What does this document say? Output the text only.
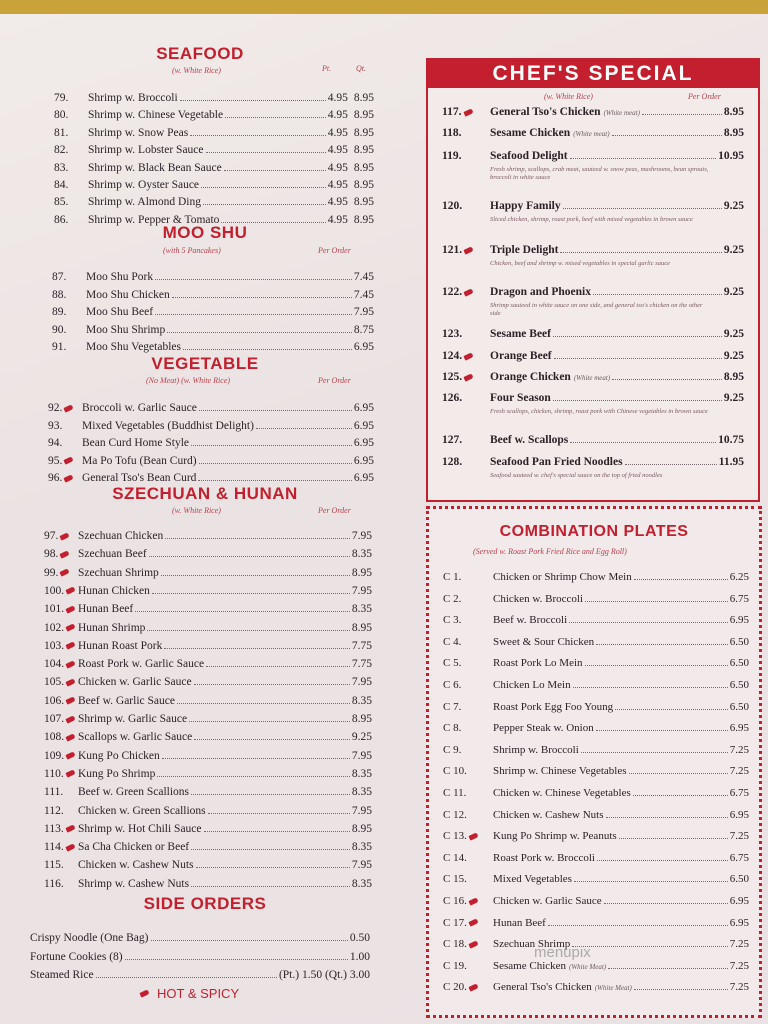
SEAFOOD
(w. White Rice)	Pt.	Qt.
79.	Shrimp w. Broccoli	4.95 8.95
80.	Shrimp w. Chinese Vegetable	4.95 8.95
81.	Shrimp w. Snow Peas	4.95 8.95
82.	Shrimp w. Lobster Sauce	4.95 8.95
83.	Shrimp w. Black Bean Sauce	4.95 8.95
84.	Shrimp w. Oyster Sauce	4.95 8.95
85.	Shrimp w. Almond Ding	4.95 8.95
86.	Shrimp w. Pepper & Tomato	4.95 8.95
MOO SHU
(with 5 Pancakes)	Per Order
87.	Moo Shu Pork	7.45
88.	Moo Shu Chicken	7.45
89.	Moo Shu Beef	7.95
90.	Moo Shu Shrimp	8.75
91.	Moo Shu Vegetables	6.95
VEGETABLE
(No Meat) (w. White Rice)	Per Order
92.	Broccoli w. Garlic Sauce	6.95
93.	Mixed Vegetables (Buddhist Delight)	6.95
94.	Bean Curd Home Style	6.95
95.	Ma Po Tofu (Bean Curd)	6.95
96.	General Tso's Bean Curd	6.95
SZECHUAN & HUNAN
(w. White Rice)	Per Order
97.	Szechuan Chicken	7.95
98.	Szechuan Beef	8.35
99.	Szechuan Shrimp	8.95
100.	Hunan Chicken	7.95
101.	Hunan Beef	8.35
102.	Hunan Shrimp	8.95
103.	Hunan Roast Pork	7.75
104.	Roast Pork w. Garlic Sauce	7.75
105.	Chicken w. Garlic Sauce	7.95
106.	Beef w. Garlic Sauce	8.35
107.	Shrimp w. Garlic Sauce	8.95
108.	Scallops w. Garlic Sauce	9.25
109.	Kung Po Chicken	7.95
110.	Kung Po Shrimp	8.35
111.	Beef w. Green Scallions	8.35
112.	Chicken w. Green Scallions	7.95
113.	Shrimp w. Hot Chili Sauce	8.95
114.	Sa Cha Chicken or Beef	8.35
115.	Chicken w. Cashew Nuts	7.95
116.	Shrimp w. Cashew Nuts	8.35
SIDE ORDERS
Crispy Noodle (One Bag)	0.50
Fortune Cookies (8)	1.00
Steamed Rice	(Pt.) 1.50 (Qt.) 3.00
HOT & SPICY
CHEF'S SPECIAL
(w. White Rice)	Per Order
117.	General Tso's Chicken (White meat)	8.95
118.	Sesame Chicken (White meat)	8.95
119.	Seafood Delight	10.95
Fresh shrimp, scallops, crab meat, sauteed w. snow peas, mushrooms, bean sprouts, broccoli in white sauce
120.	Happy Family	9.25
Sliced chicken, shrimp, roast pork, beef with mixed vegetables in brown sauce
121.	Triple Delight	9.25
Chicken, beef and shrimp w. mixed vegetables in special garlic sauce
122.	Dragon and Phoenix	9.25
Shrimp sauteed in white sauce on one side, and general tso's chicken on the other side
123.	Sesame Beef	9.25
124.	Orange Beef	9.25
125.	Orange Chicken (White meat)	8.95
126.	Four Season	9.25
Fresh scallops, chicken, shrimp, roast pork with Chinese vegetables in brown sauce
127.	Beef w. Scallops	10.75
128.	Seafood Pan Fried Noodles	11.95
Seafood sauteed w. chef's special sauce on the top of fried noodles
COMBINATION PLATES
(Served w. Roast Pork Fried Rice and Egg Roll)
C 1.	Chicken or Shrimp Chow Mein	6.25
C 2.	Chicken w. Broccoli	6.75
C 3.	Beef w. Broccoli	6.95
C 4.	Sweet & Sour Chicken	6.50
C 5.	Roast Pork Lo Mein	6.50
C 6.	Chicken Lo Mein	6.50
C 7.	Roast Pork Egg Foo Young	6.50
C 8.	Pepper Steak w. Onion	6.95
C 9.	Shrimp w. Broccoli	7.25
C 10.	Shrimp w. Chinese Vegetables	7.25
C 11.	Chicken w. Chinese Vegetables	6.75
C 12.	Chicken w. Cashew Nuts	6.95
C 13.	Kung Po Shrimp w. Peanuts	7.25
C 14.	Roast Pork w. Broccoli	6.75
C 15.	Mixed Vegetables	6.50
C 16.	Chicken w. Garlic Sauce	6.95
C 17.	Hunan Beef	6.95
C 18.	Szechuan Shrimp	7.25
C 19.	Sesame Chicken (White Meat)	7.25
C 20.	General Tso's Chicken (White Meat)	7.25
menupix
